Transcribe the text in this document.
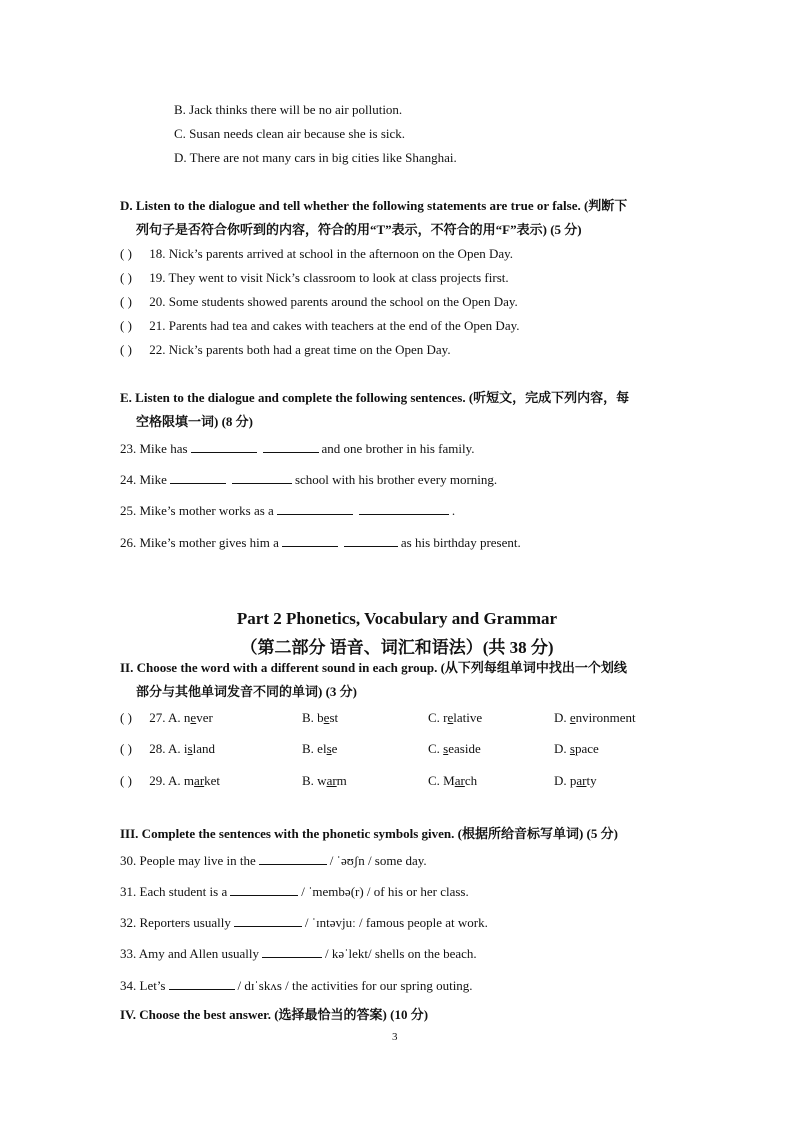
B. Jack thinks there will be no air pollution.
C. Susan needs clean air because she is sick.
D. There are not many cars in big cities like Shanghai.
D. Listen to the dialogue and tell whether the following statements are true or false. (判断下
列句子是否符合你听到的内容，符合的用“T”表示，不符合的用“F”表示) (5 分)
( ) 18. Nick’s parents arrived at school in the afternoon on the Open Day.
( ) 19. They went to visit Nick’s classroom to look at class projects first.
( ) 20. Some students showed parents around the school on the Open Day.
( ) 21. Parents had tea and cakes with teachers at the end of the Open Day.
( ) 22. Nick’s parents both had a great time on the Open Day.
E. Listen to the dialogue and complete the following sentences. (听短文，完成下列内容，每
空格限填一词) (8 分)
23. Mike has	and one brother in his family.
24. Mike	school with his brother every morning.
25. Mike’s mother works as a	.
26. Mike’s mother gives him a	as his birthday present.
Part 2 Phonetics, Vocabulary and Grammar
（第二部分 语音、词汇和语法）(共 38 分)
II. Choose the word with a different sound in each group. (从下列每组单词中找出一个划线
部分与其他单词发音不同的单词) (3 分)
( ) 27. A. never	B. best	C. relative	D. environment
( ) 28. A. island	B. else	C. seaside	D. space
( ) 29. A. market	B. warm	C. March	D. party
III. Complete the sentences with the phonetic symbols given. (根据所给音标写单词) (5 分)
30. People may live in the	/ ˈəʊʃn / some day.
31. Each student is a	/ ˈmembə(r) / of his or her class.
32. Reporters usually	/ ˈɪntəvjuː / famous people at work.
33. Amy and Allen usually	/ kəˈlekt/ shells on the beach.
34. Let’s	/ dɪˈskʌs / the activities for our spring outing.
IV. Choose the best answer. (选择最恰当的答案) (10 分)
3
